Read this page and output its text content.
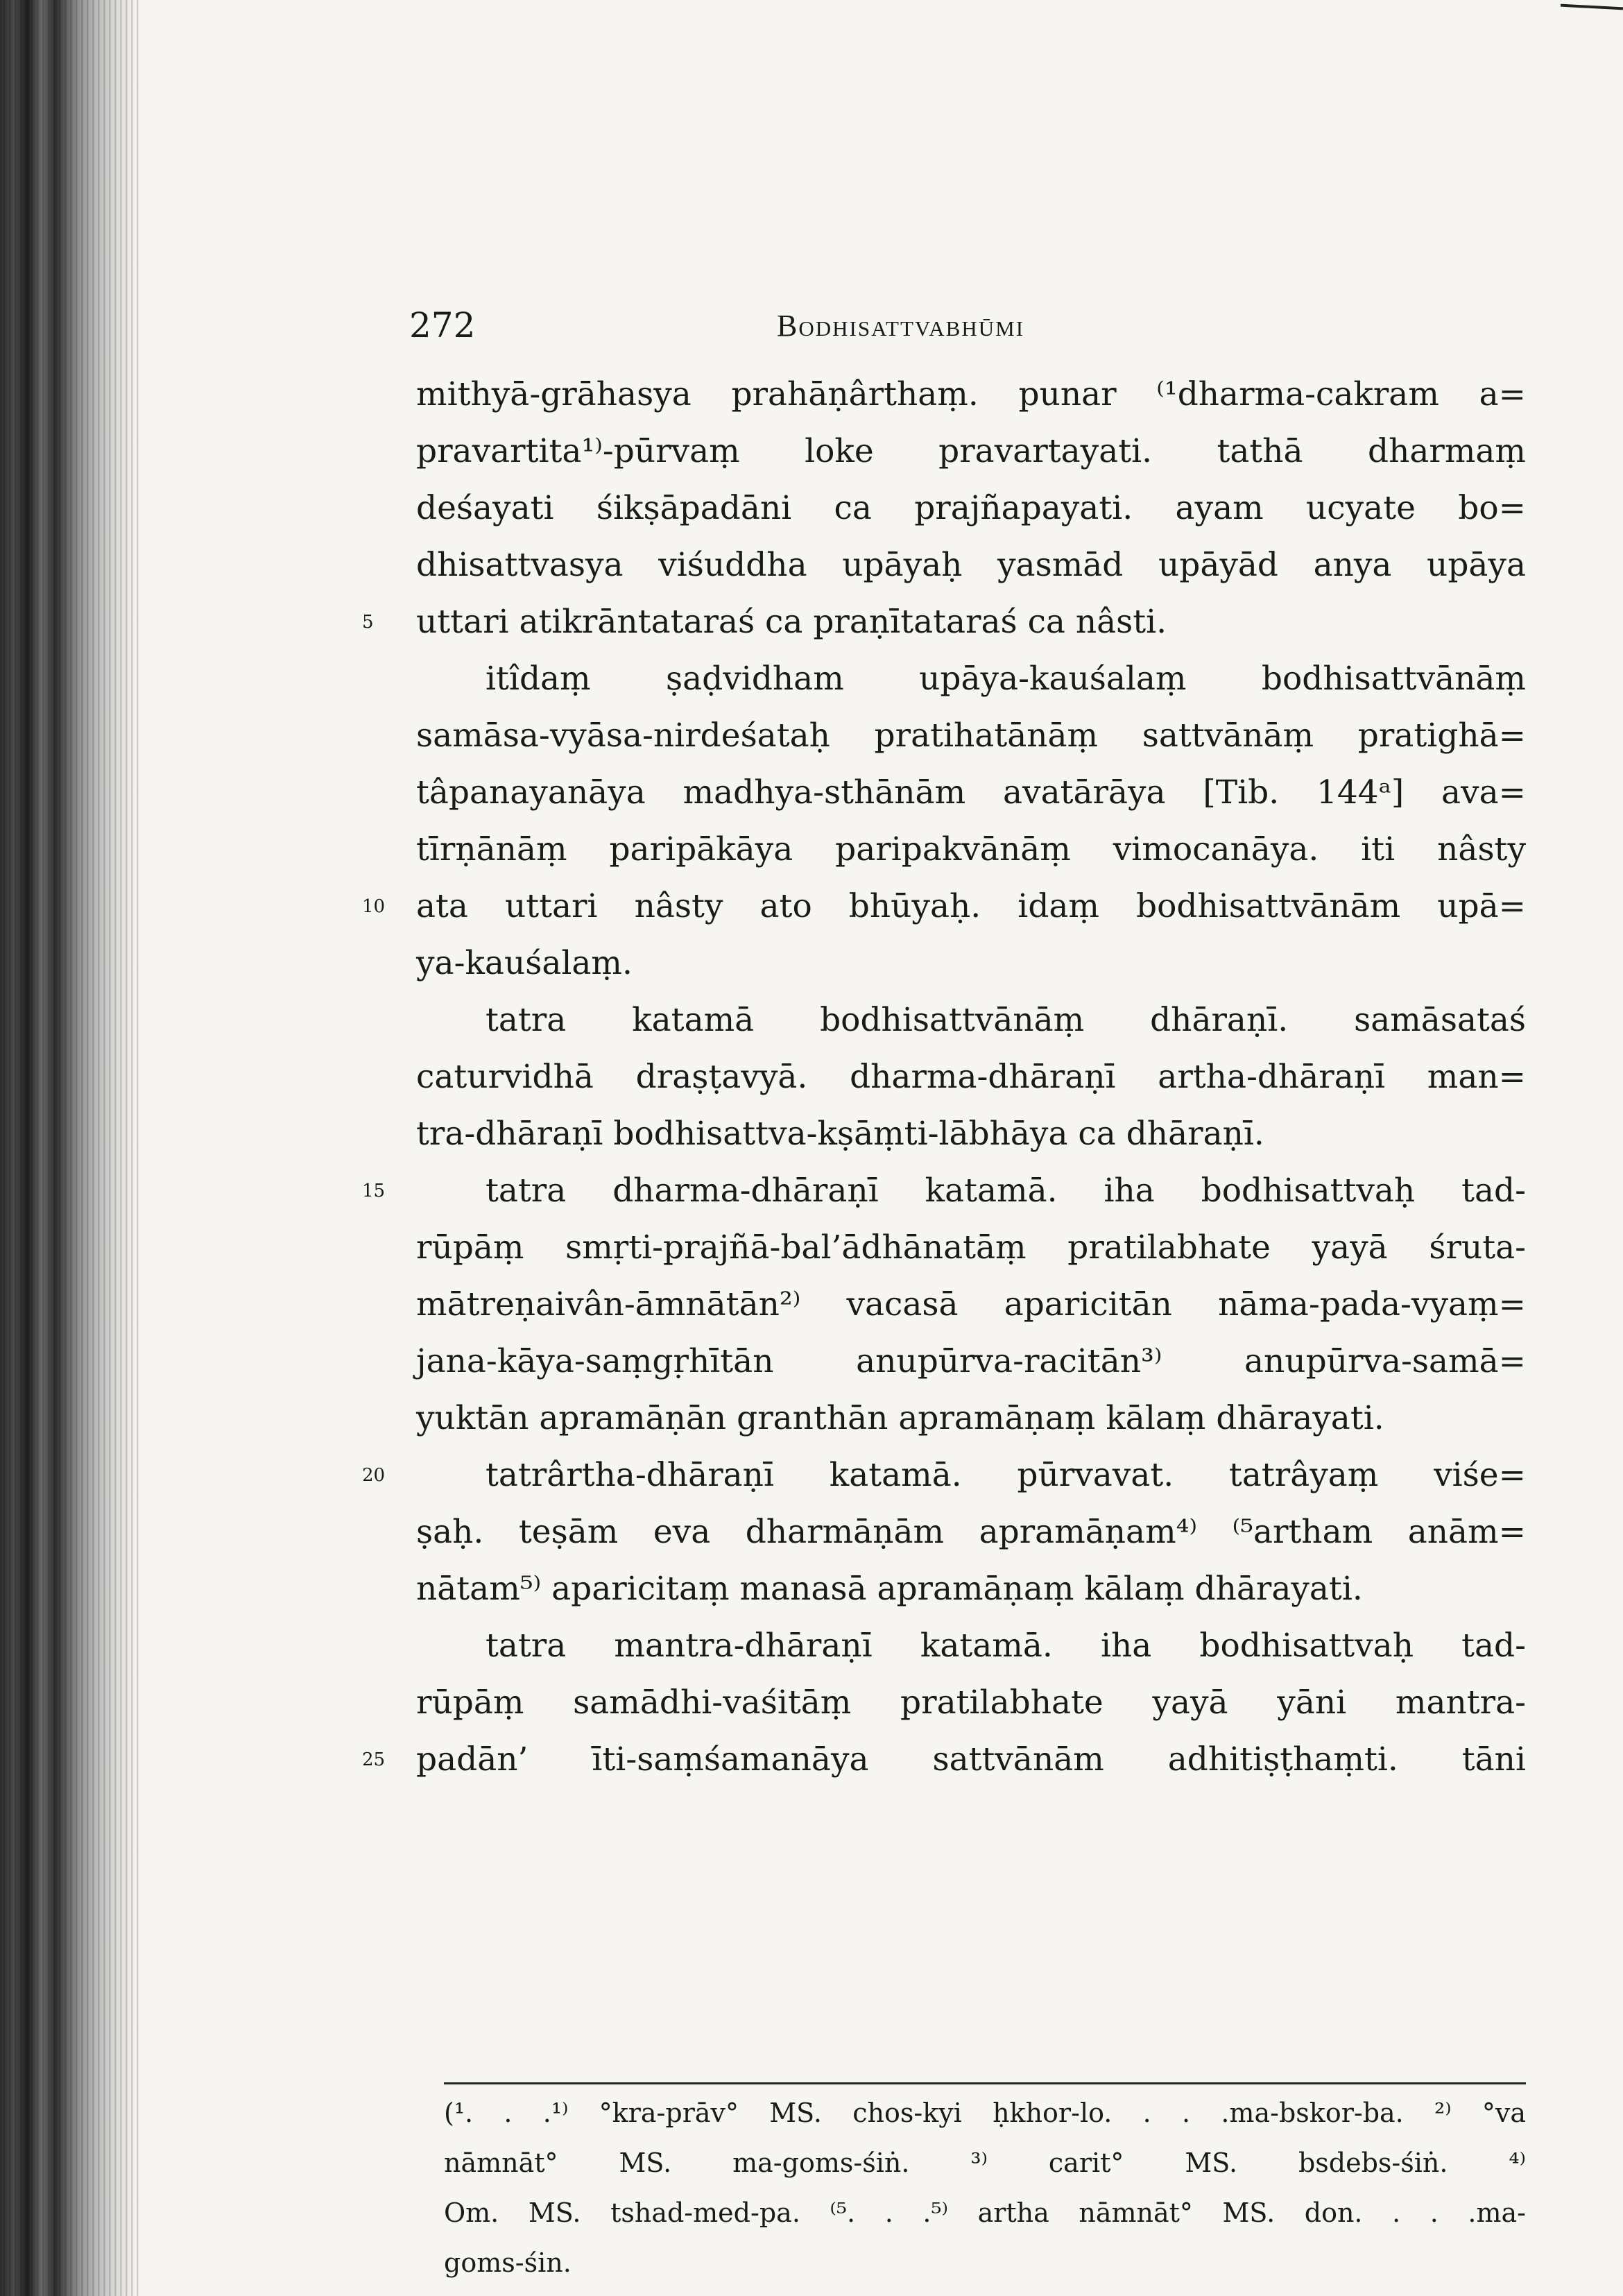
272	Bodhisattvabhūmi
mithyā-grāhasya prahāṇârthaṃ. punar ⁽¹dharma-cakram a=
pravartita¹⁾-pūrvaṃ loke pravartayati. tathā dharmaṃ
deśayati śikṣāpadāni ca prajñapayati. ayam ucyate bo=
dhisattvasya viśuddha upāyaḥ yasmād upāyād anya upāya
5	uttari atikrāntataraś ca praṇītataraś ca nâsti.
itîdaṃ ṣaḍvidham upāya-kauśalaṃ bodhisattvānāṃ
samāsa-vyāsa-nirdeśataḥ pratihatānāṃ sattvānāṃ pratighā=
tâpanayanāya madhya-sthānām avatārāya [Tib. 144ᵃ] ava=
tīrṇānāṃ paripākāya paripakvānāṃ vimocanāya. iti nâsty
10 ata uttari nâsty ato bhūyaḥ. idaṃ bodhisattvānām upā=
ya-kauśalaṃ.
tatra katamā bodhisattvānāṃ dhāraṇī. samāsataś
caturvidhā draṣṭavyā. dharma-dhāraṇī artha-dhāraṇī man=
tra-dhāraṇī bodhisattva-kṣāṃti-lābhāya ca dhāraṇī.
15	tatra dharma-dhāraṇī katamā. iha bodhisattvaḥ tad-
rūpāṃ smṛti-prajñā-bal’ādhānatāṃ pratilabhate yayā śruta-
mātreṇaivân-āmnātān²⁾ vacasā aparicitān nāma-pada-vyaṃ=
jana-kāya-saṃgṛhītān anupūrva-racitān³⁾ anupūrva-samā=
yuktān apramāṇān granthān apramāṇaṃ kālaṃ dhārayati.
20	tatrârtha-dhāraṇī katamā. pūrvavat. tatrâyaṃ viśe=
ṣaḥ. teṣām eva dharmāṇām apramāṇam⁴⁾ ⁽⁵artham anām=
nātam⁵⁾ aparicitaṃ manasā apramāṇaṃ kālaṃ dhārayati.
tatra mantra-dhāraṇī katamā. iha bodhisattvaḥ tad-
rūpāṃ samādhi-vaśitāṃ pratilabhate yayā yāni mantra-
25 padān’ īti-saṃśamanāya sattvānām adhitiṣṭhaṃti. tāni
(¹. . .¹⁾ °kra-prāv° MS. chos-kyi ḥkhor-lo. . . .ma-bskor-ba. ²⁾ °va
nāmnāt° MS. ma-goms-śiṅ. ³⁾ carit° MS. bsdebs-śiṅ. ⁴⁾
Om. MS. tshad-med-pa. ⁽⁵. . .⁵⁾ artha nāmnāt° MS. don. . . .ma-
goms-śin.
